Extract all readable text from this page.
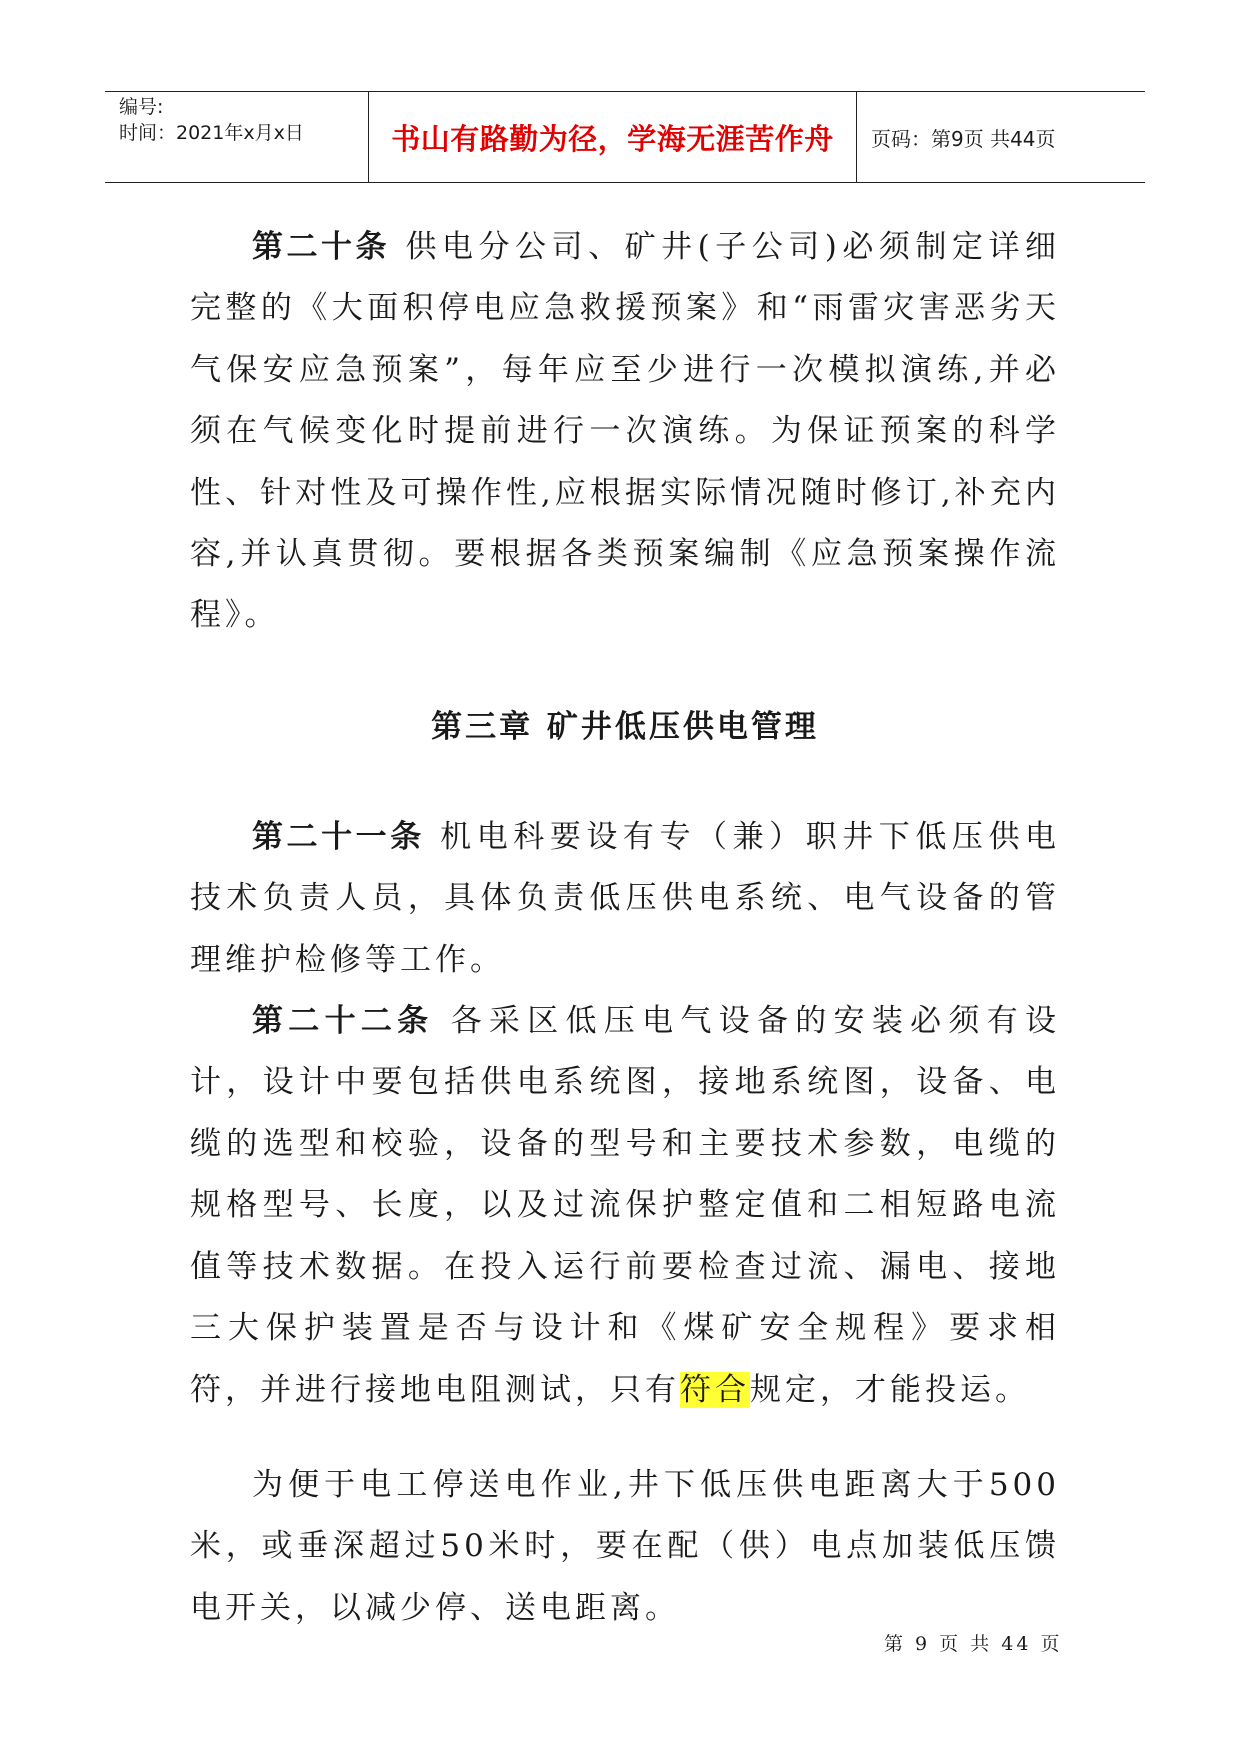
编号:
时间：2021年x月x日	书山有路勤为径，学海无涯苦作舟 页码：第9页 共44页

第二十条 供电分公司、矿井(子公司)必须制定详细完整的《大面积停电应急救援预案》和“雨雷灾害恶劣天气保安应急预案”，每年应至少进行一次模拟演练,并必须在气候变化时提前进行一次演练。为保证预案的科学性、针对性及可操作性,应根据实际情况随时修订,补充内容,并认真贯彻。要根据各类预案编制《应急预案操作流程》。

第三章 矿井低压供电管理

第二十一条 机电科要设有专（兼）职井下低压供电技术负责人员，具体负责低压供电系统、电气设备的管理维护检修等工作。

第二十二条 各采区低压电气设备的安装必须有设计，设计中要包括供电系统图，接地系统图，设备、电缆的选型和校验，设备的型号和主要技术参数，电缆的规格型号、长度，以及过流保护整定值和二相短路电流值等技术数据。在投入运行前要检查过流、漏电、接地三大保护装置是否与设计和《煤矿安全规程》要求相符，并进行接地电阻测试，只有符合规定，才能投运。

为便于电工停送电作业,井下低压供电距离大于500米，或垂深超过50米时，要在配（供）电点加装低压馈电开关，以减少停、送电距离。

第 9 页 共 44 页
